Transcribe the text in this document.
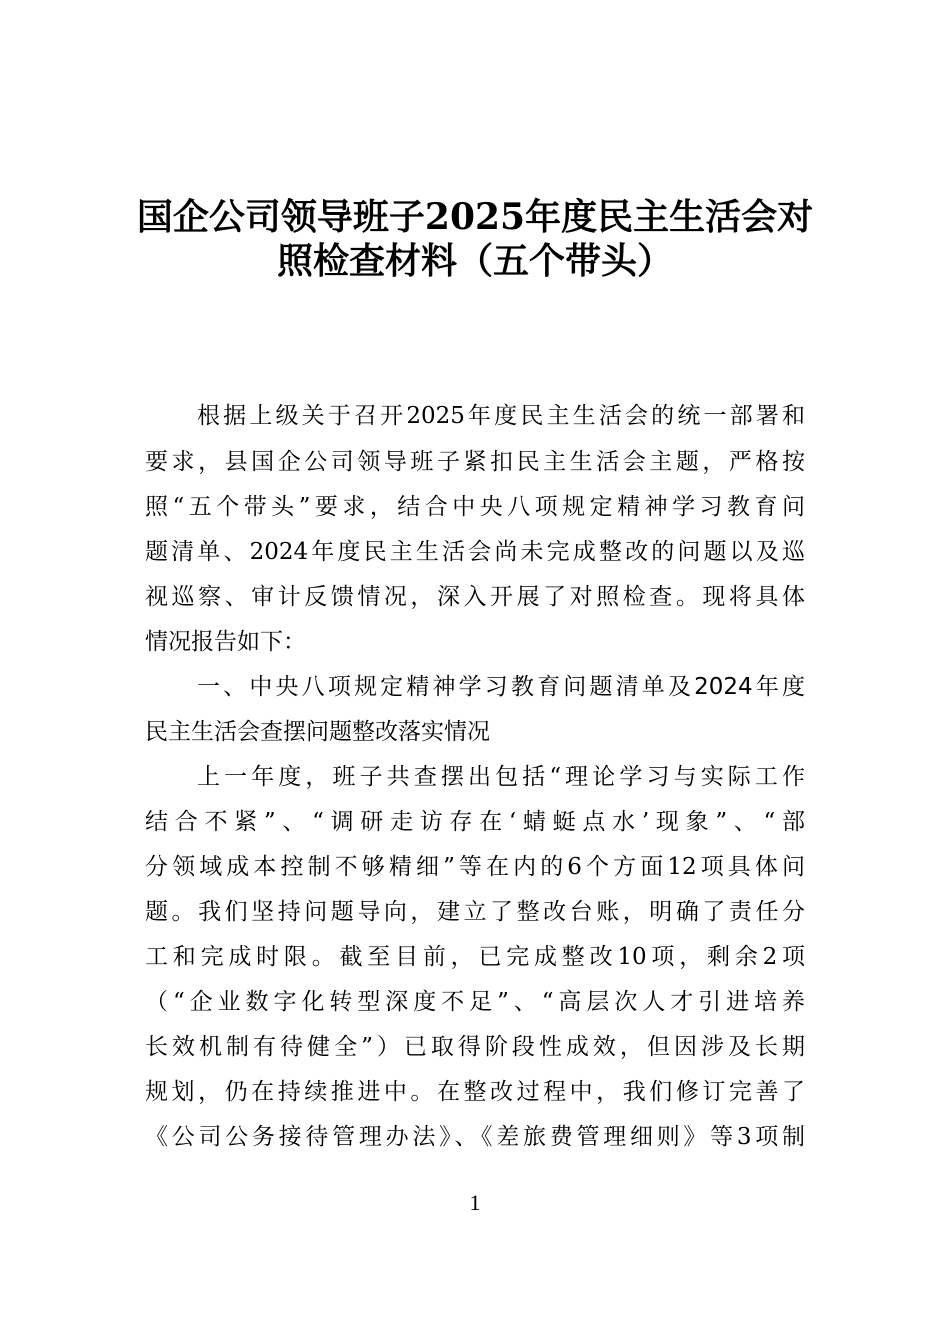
国企公司领导班子2025年度民主生活会对
照检查材料（五个带头）
根据上级关于召开2025年度民主生活会的统一部署和
要求，县国企公司领导班子紧扣民主生活会主题，严格按
照“五个带头”要求，结合中央八项规定精神学习教育问
题清单、2024年度民主生活会尚未完成整改的问题以及巡
视巡察、审计反馈情况，深入开展了对照检查。现将具体
情况报告如下：
一、中央八项规定精神学习教育问题清单及2024年度
民主生活会查摆问题整改落实情况
上一年度，班子共查摆出包括“理论学习与实际工作
结合不紧”、“调研走访存在‘蜻蜓点水’现象”、“部
分领域成本控制不够精细”等在内的6个方面12项具体问
题。我们坚持问题导向，建立了整改台账，明确了责任分
工和完成时限。截至目前，已完成整改10项，剩余2项
（“企业数字化转型深度不足”、“高层次人才引进培养
长效机制有待健全”）已取得阶段性成效，但因涉及长期
规划，仍在持续推进中。在整改过程中，我们修订完善了
《公司公务接待管理办法》、《差旅费管理细则》等3项制
1
